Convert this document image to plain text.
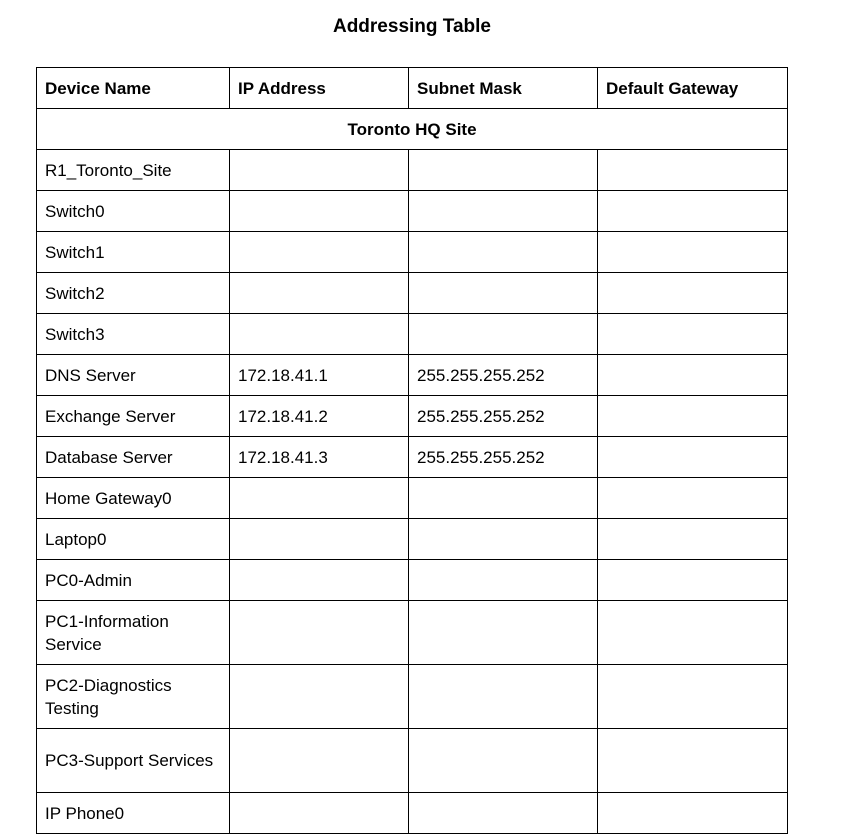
Addressing Table
Device Name	IP Address	Subnet Mask	Default Gateway
Toronto HQ Site			
R1_Toronto_Site			
Switch0			
Switch1			
Switch2			
Switch3			
DNS Server	172.18.41.1	255.255.255.252	
Exchange Server	172.18.41.2	255.255.255.252	
Database Server	172.18.41.3	255.255.255.252	
Home Gateway0			
Laptop0			
PC0-Admin			
PC1-Information Service			
PC2-Diagnostics Testing			
PC3-Support Services			
IP Phone0			
